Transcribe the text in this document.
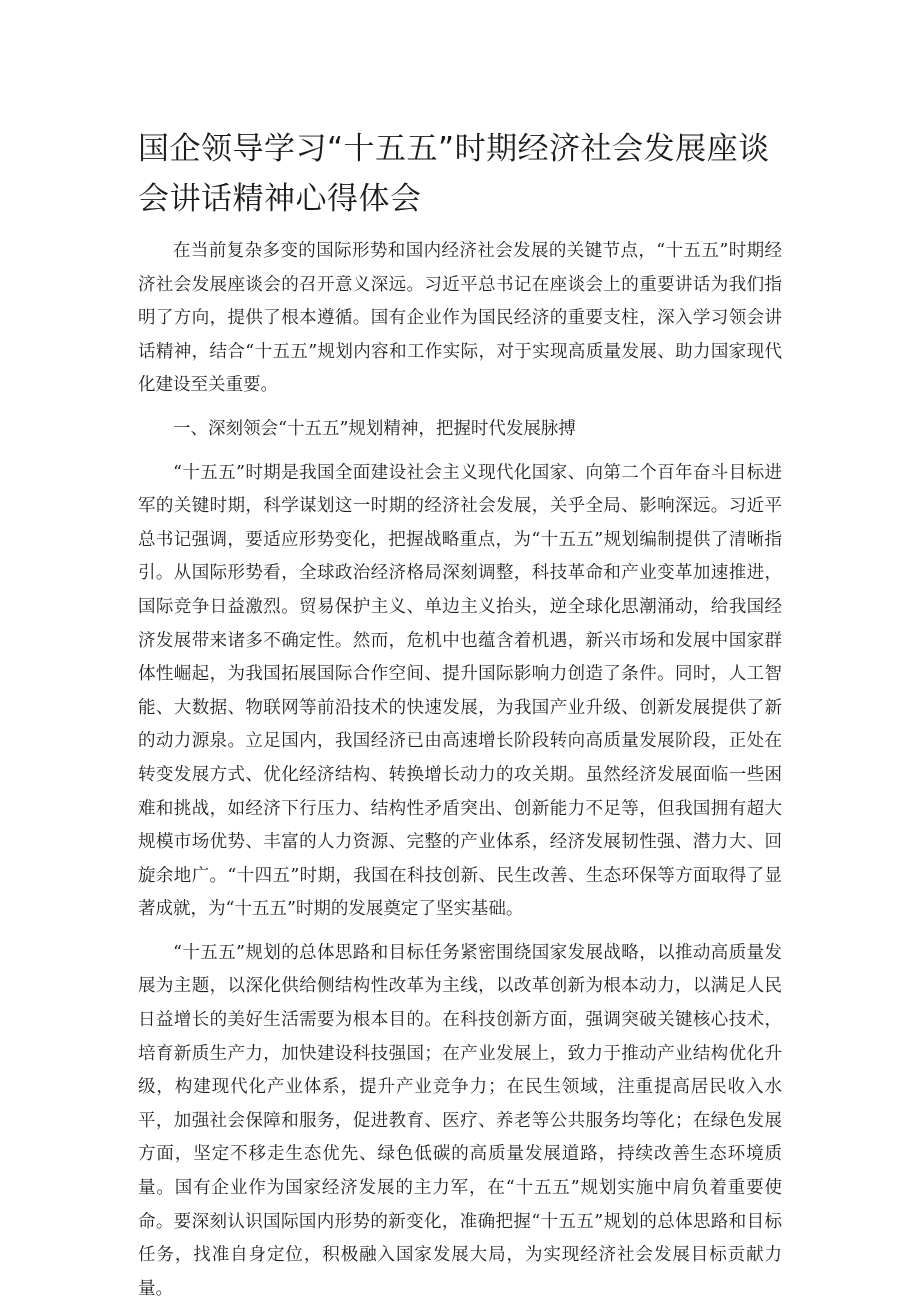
国企领导学习“十五五”时期经济社会发展座谈会讲话精神心得体会

在当前复杂多变的国际形势和国内经济社会发展的关键节点，“十五五”时期经济社会发展座谈会的召开意义深远。习近平总书记在座谈会上的重要讲话为我们指明了方向，提供了根本遵循。国有企业作为国民经济的重要支柱，深入学习领会讲话精神，结合“十五五”规划内容和工作实际，对于实现高质量发展、助力国家现代化建设至关重要。

一、深刻领会“十五五”规划精神，把握时代发展脉搏

“十五五”时期是我国全面建设社会主义现代化国家、向第二个百年奋斗目标进军的关键时期，科学谋划这一时期的经济社会发展，关乎全局、影响深远。习近平总书记强调，要适应形势变化，把握战略重点，为“十五五”规划编制提供了清晰指引。从国际形势看，全球政治经济格局深刻调整，科技革命和产业变革加速推进，国际竞争日益激烈。贸易保护主义、单边主义抬头，逆全球化思潮涌动，给我国经济发展带来诸多不确定性。然而，危机中也蕴含着机遇，新兴市场和发展中国家群体性崛起，为我国拓展国际合作空间、提升国际影响力创造了条件。同时，人工智能、大数据、物联网等前沿技术的快速发展，为我国产业升级、创新发展提供了新的动力源泉。立足国内，我国经济已由高速增长阶段转向高质量发展阶段，正处在转变发展方式、优化经济结构、转换增长动力的攻关期。虽然经济发展面临一些困难和挑战，如经济下行压力、结构性矛盾突出、创新能力不足等，但我国拥有超大规模市场优势、丰富的人力资源、完整的产业体系，经济发展韧性强、潜力大、回旋余地广。“十四五”时期，我国在科技创新、民生改善、生态环保等方面取得了显著成就，为“十五五”时期的发展奠定了坚实基础。

“十五五”规划的总体思路和目标任务紧密围绕国家发展战略，以推动高质量发展为主题，以深化供给侧结构性改革为主线，以改革创新为根本动力，以满足人民日益增长的美好生活需要为根本目的。在科技创新方面，强调突破关键核心技术，培育新质生产力，加快建设科技强国；在产业发展上，致力于推动产业结构优化升级，构建现代化产业体系，提升产业竞争力；在民生领域，注重提高居民收入水平，加强社会保障和服务，促进教育、医疗、养老等公共服务均等化；在绿色发展方面，坚定不移走生态优先、绿色低碳的高质量发展道路，持续改善生态环境质量。国有企业作为国家经济发展的主力军，在“十五五”规划实施中肩负着重要使命。要深刻认识国际国内形势的新变化，准确把握“十五五”规划的总体思路和目标任务，找准自身定位，积极融入国家发展大局，为实现经济社会发展目标贡献力量。
